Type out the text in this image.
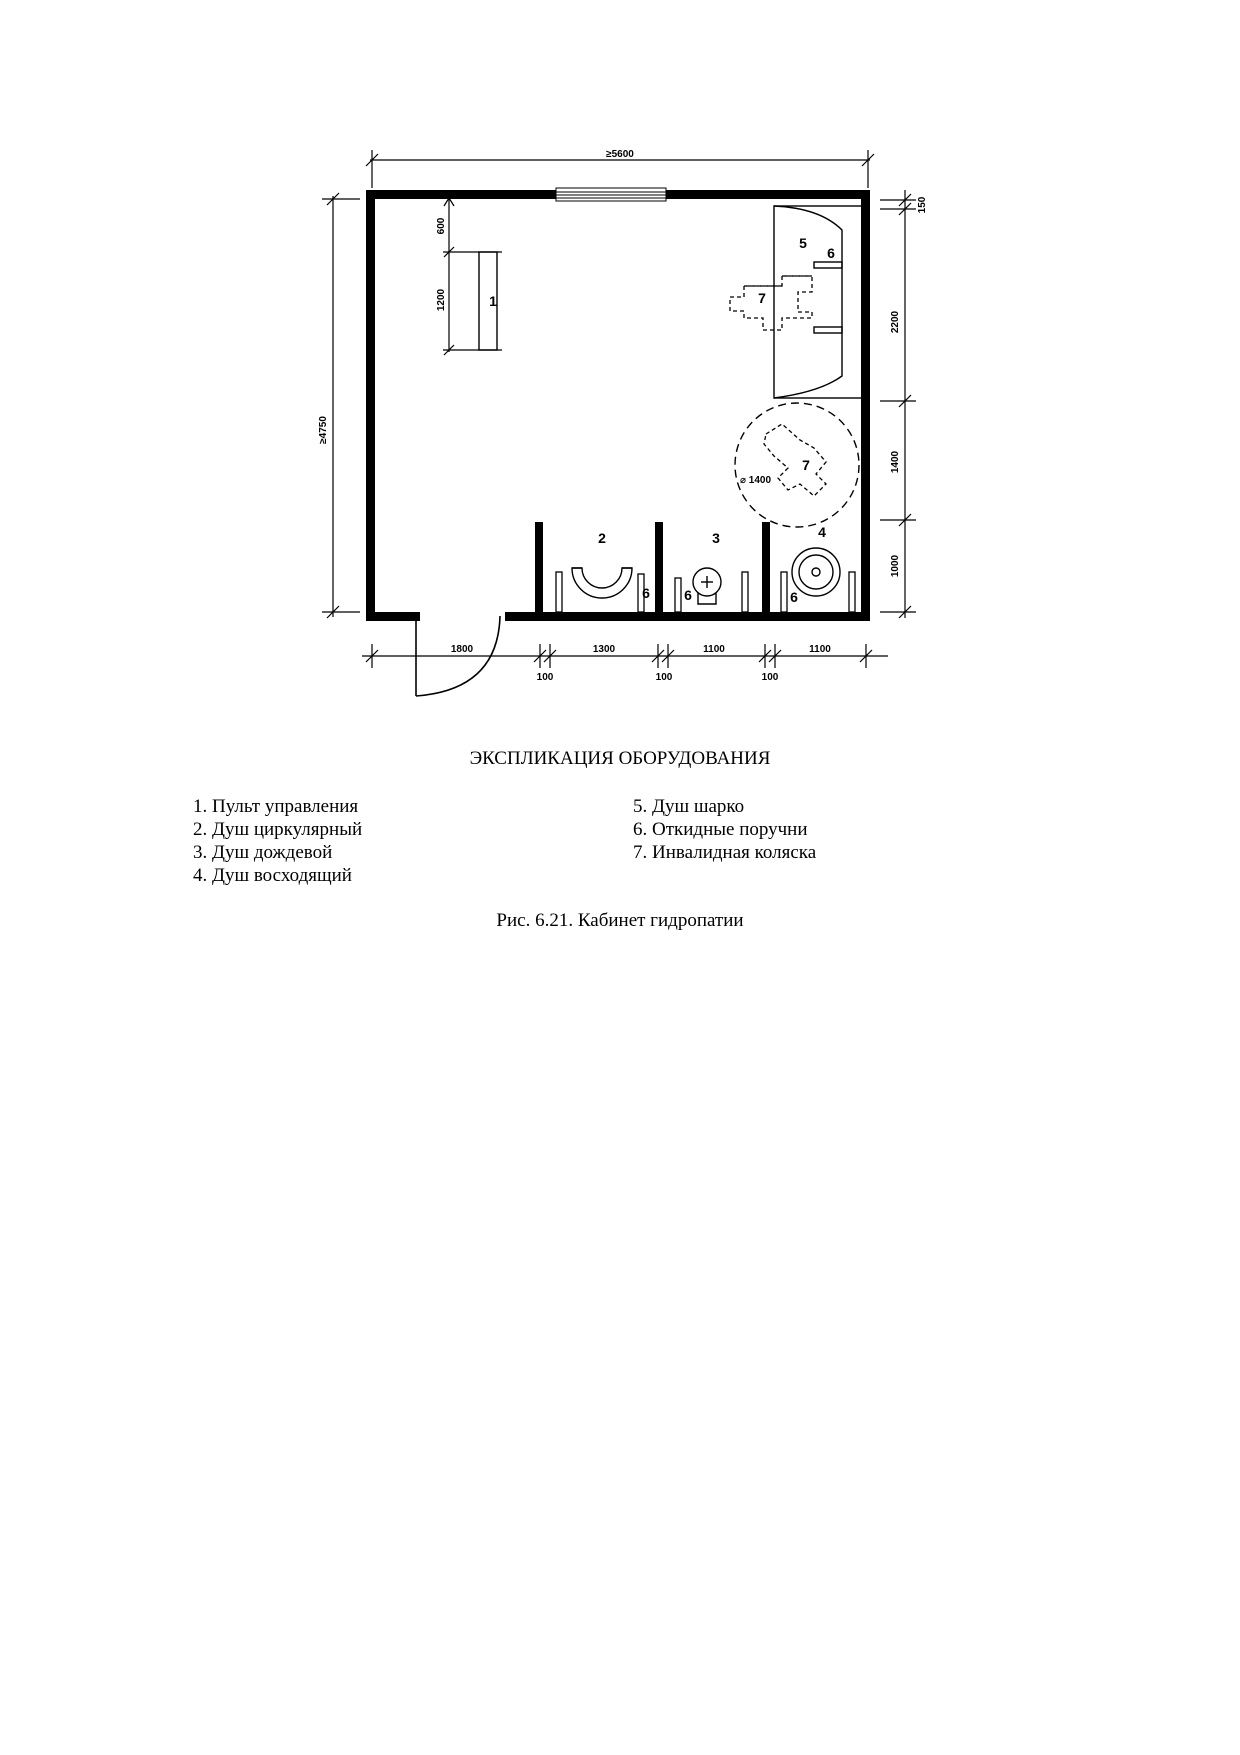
≥5600
≥4750
600
1200
150
2200
1400
1000
1800	1300	1100	1100
100	100	100
⌀ 1400
1
2	3	4
5
6
6 6	6
7
7
ЭКСПЛИКАЦИЯ ОБОРУДОВАНИЯ
1. Пульт управления
2. Душ циркулярный
3. Душ дождевой
4. Душ восходящий
5. Душ шарко
6. Откидные поручни
7. Инвалидная коляска
Рис. 6.21. Кабинет гидропатии
